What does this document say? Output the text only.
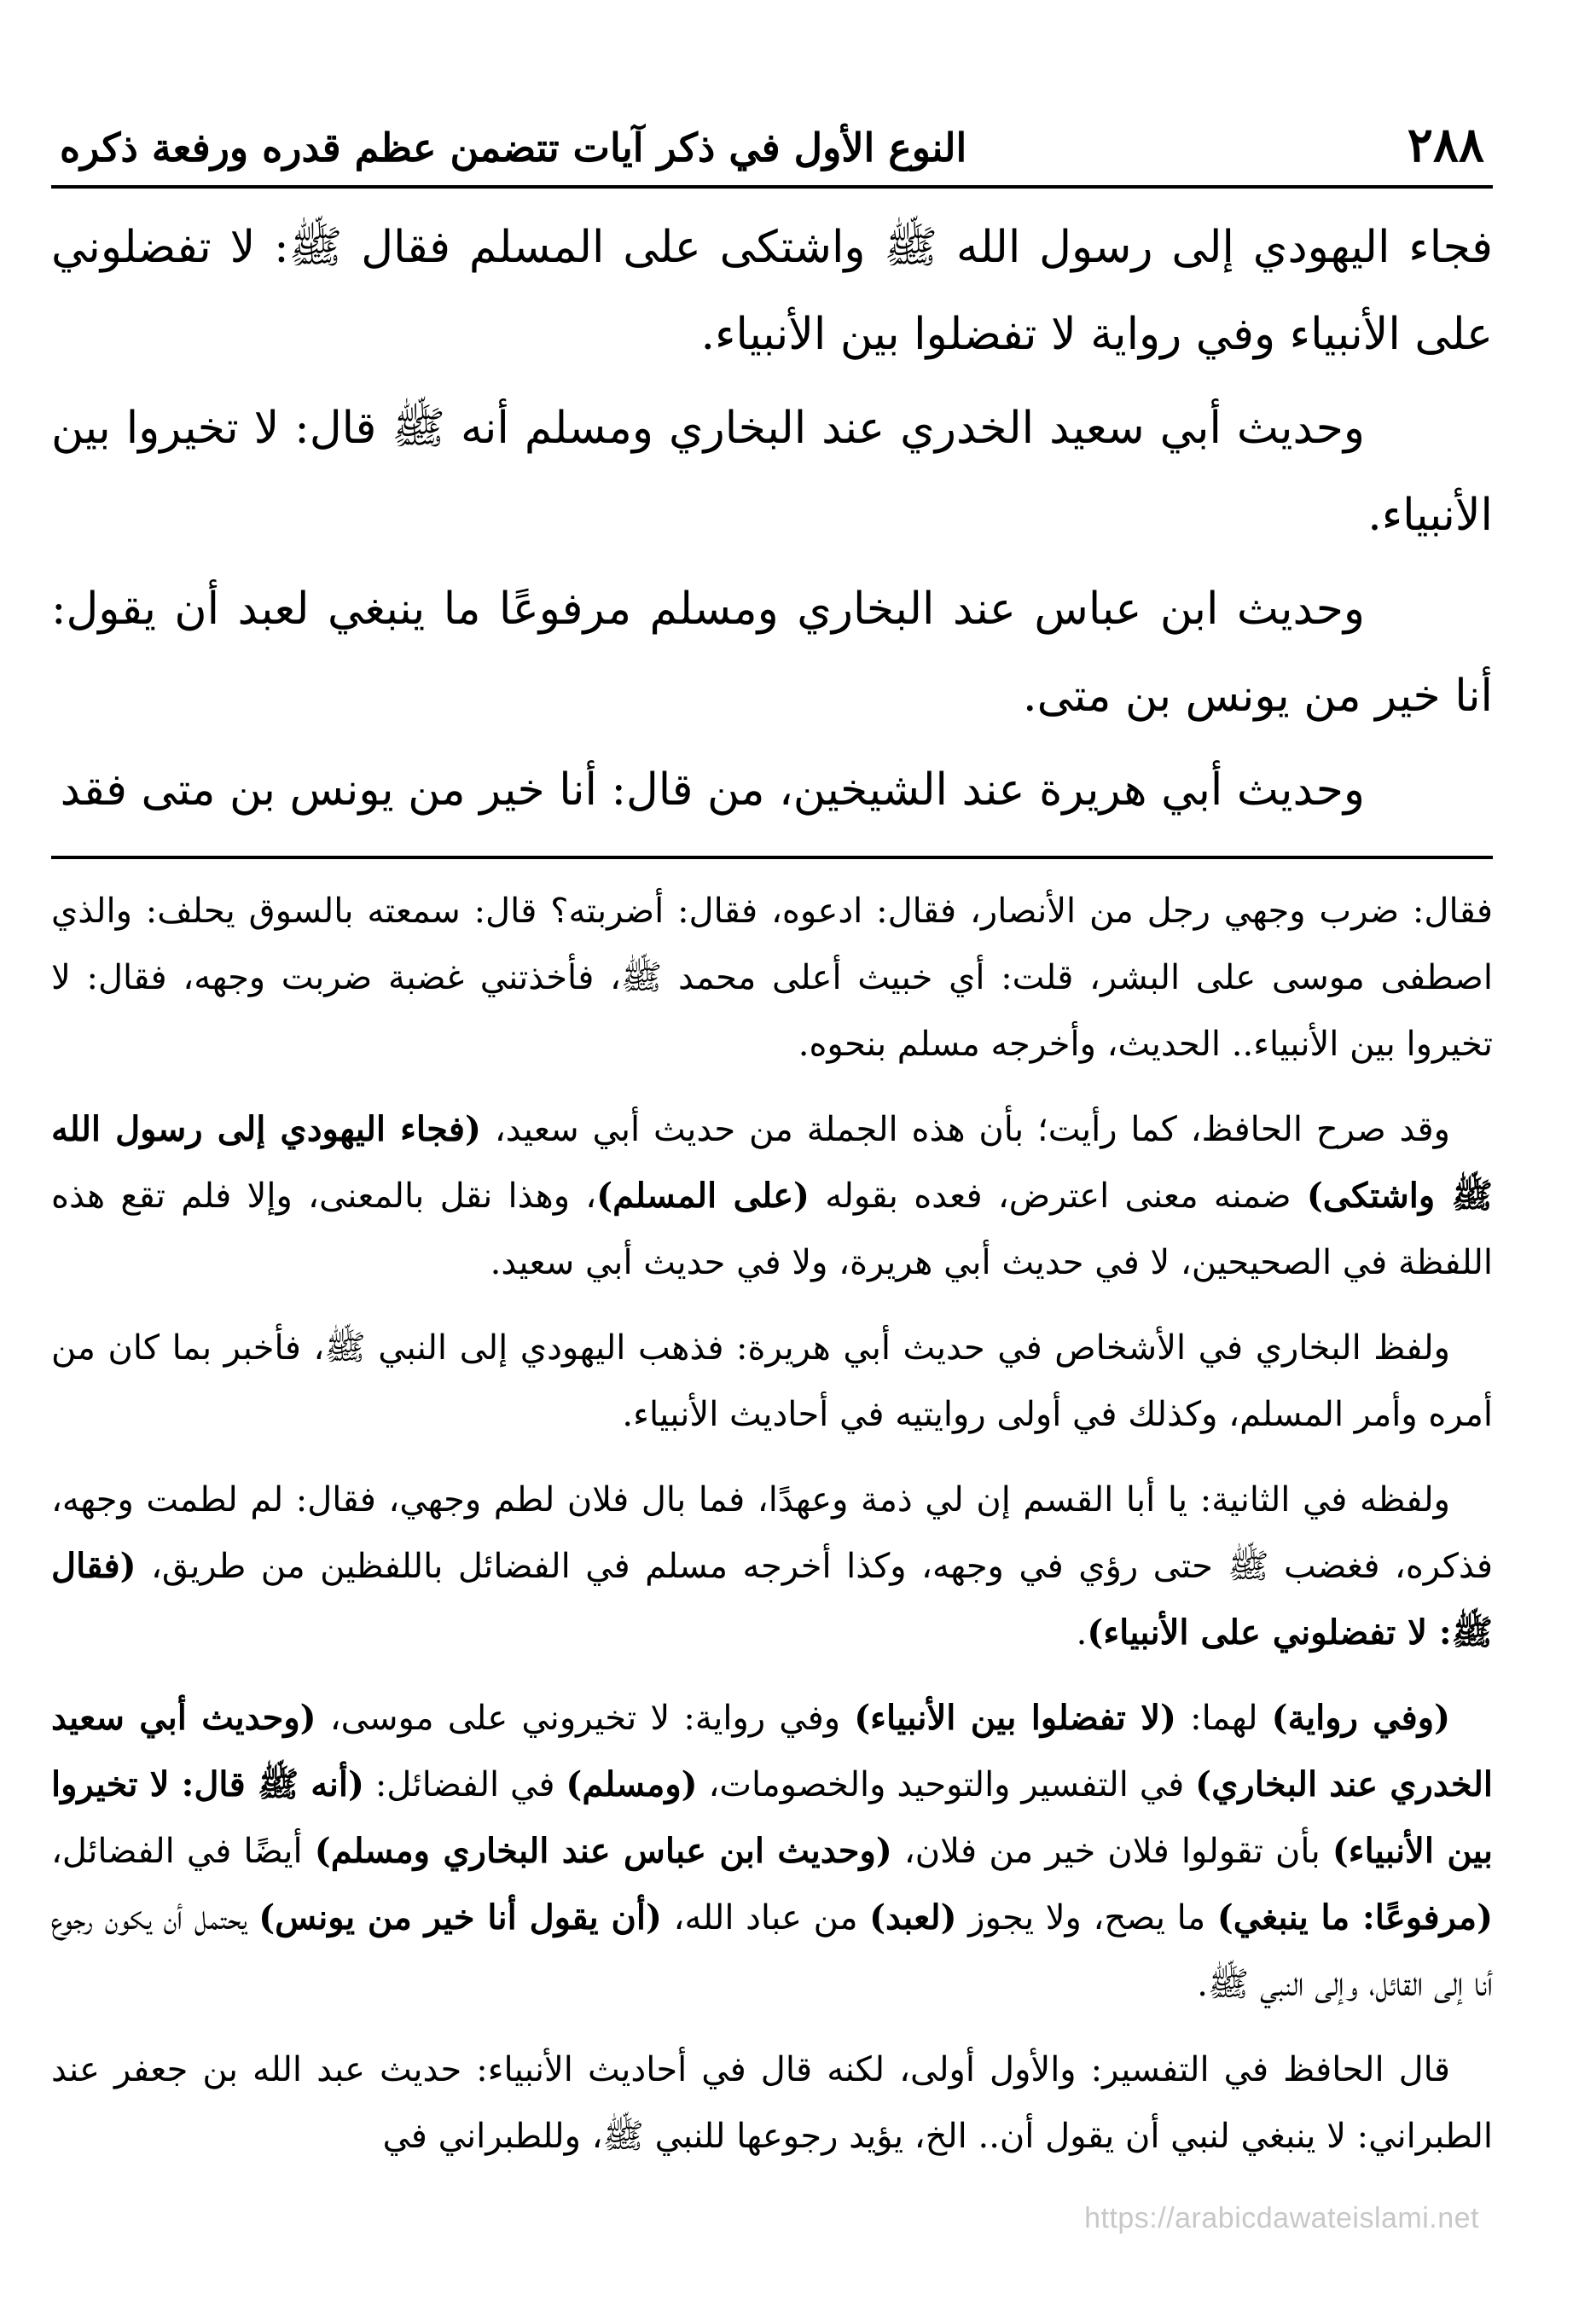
٢٨٨
النوع الأول في ذكر آيات تتضمن عظم قدره ورفعة ذكره

فجاء اليهودي إلى رسول الله ﷺ واشتكى على المسلم فقال ﷺ: لا تفضلوني على الأنبياء وفي رواية لا تفضلوا بين الأنبياء.

وحديث أبي سعيد الخدري عند البخاري ومسلم أنه ﷺ قال: لا تخيروا بين الأنبياء.

وحديث ابن عباس عند البخاري ومسلم مرفوعًا ما ينبغي لعبد أن يقول: أنا خير من يونس بن متى.

وحديث أبي هريرة عند الشيخين، من قال: أنا خير من يونس بن متى فقد

فقال: ضرب وجهي رجل من الأنصار، فقال: ادعوه، فقال: أضربته؟ قال: سمعته بالسوق يحلف: والذي اصطفى موسى على البشر، قلت: أي خبيث أعلى محمد ﷺ، فأخذتني غضبة ضربت وجهه، فقال: لا تخيروا بين الأنبياء.. الحديث، وأخرجه مسلم بنحوه.

وقد صرح الحافظ، كما رأيت؛ بأن هذه الجملة من حديث أبي سعيد، (فجاء اليهودي إلى رسول الله ﷺ واشتكى) ضمنه معنى اعترض، فعده بقوله (على المسلم)، وهذا نقل بالمعنى، وإلا فلم تقع هذه اللفظة في الصحيحين، لا في حديث أبي هريرة، ولا في حديث أبي سعيد.

ولفظ البخاري في الأشخاص في حديث أبي هريرة: فذهب اليهودي إلى النبي ﷺ، فأخبر بما كان من أمره وأمر المسلم، وكذلك في أولى روايتيه في أحاديث الأنبياء.

ولفظه في الثانية: يا أبا القسم إن لي ذمة وعهدًا، فما بال فلان لطم وجهي، فقال: لم لطمت وجهه، فذكره، فغضب ﷺ حتى رؤي في وجهه، وكذا أخرجه مسلم في الفضائل باللفظين من طريق، (فقال ﷺ: لا تفضلوني على الأنبياء).

(وفي رواية) لهما: (لا تفضلوا بين الأنبياء) وفي رواية: لا تخيروني على موسى، (وحديث أبي سعيد الخدري عند البخاري) في التفسير والتوحيد والخصومات، (ومسلم) في الفضائل: (أنه ﷺ قال: لا تخيروا بين الأنبياء) بأن تقولوا فلان خير من فلان، (وحديث ابن عباس عند البخاري ومسلم) أيضًا في الفضائل، (مرفوعًا: ما ينبغي) ما يصح، ولا يجوز (لعبد) من عباد الله، (أن يقول أنا خير من يونس) يحتمل أن يكون رجوع أنا إلى القائل، وإلى النبي ﷺ.

قال الحافظ في التفسير: والأول أولى، لكنه قال في أحاديث الأنبياء: حديث عبد الله بن جعفر عند الطبراني: لا ينبغي لنبي أن يقول أن.. الخ، يؤيد رجوعها للنبي ﷺ، وللطبراني في

https://arabicdawateislami.net
